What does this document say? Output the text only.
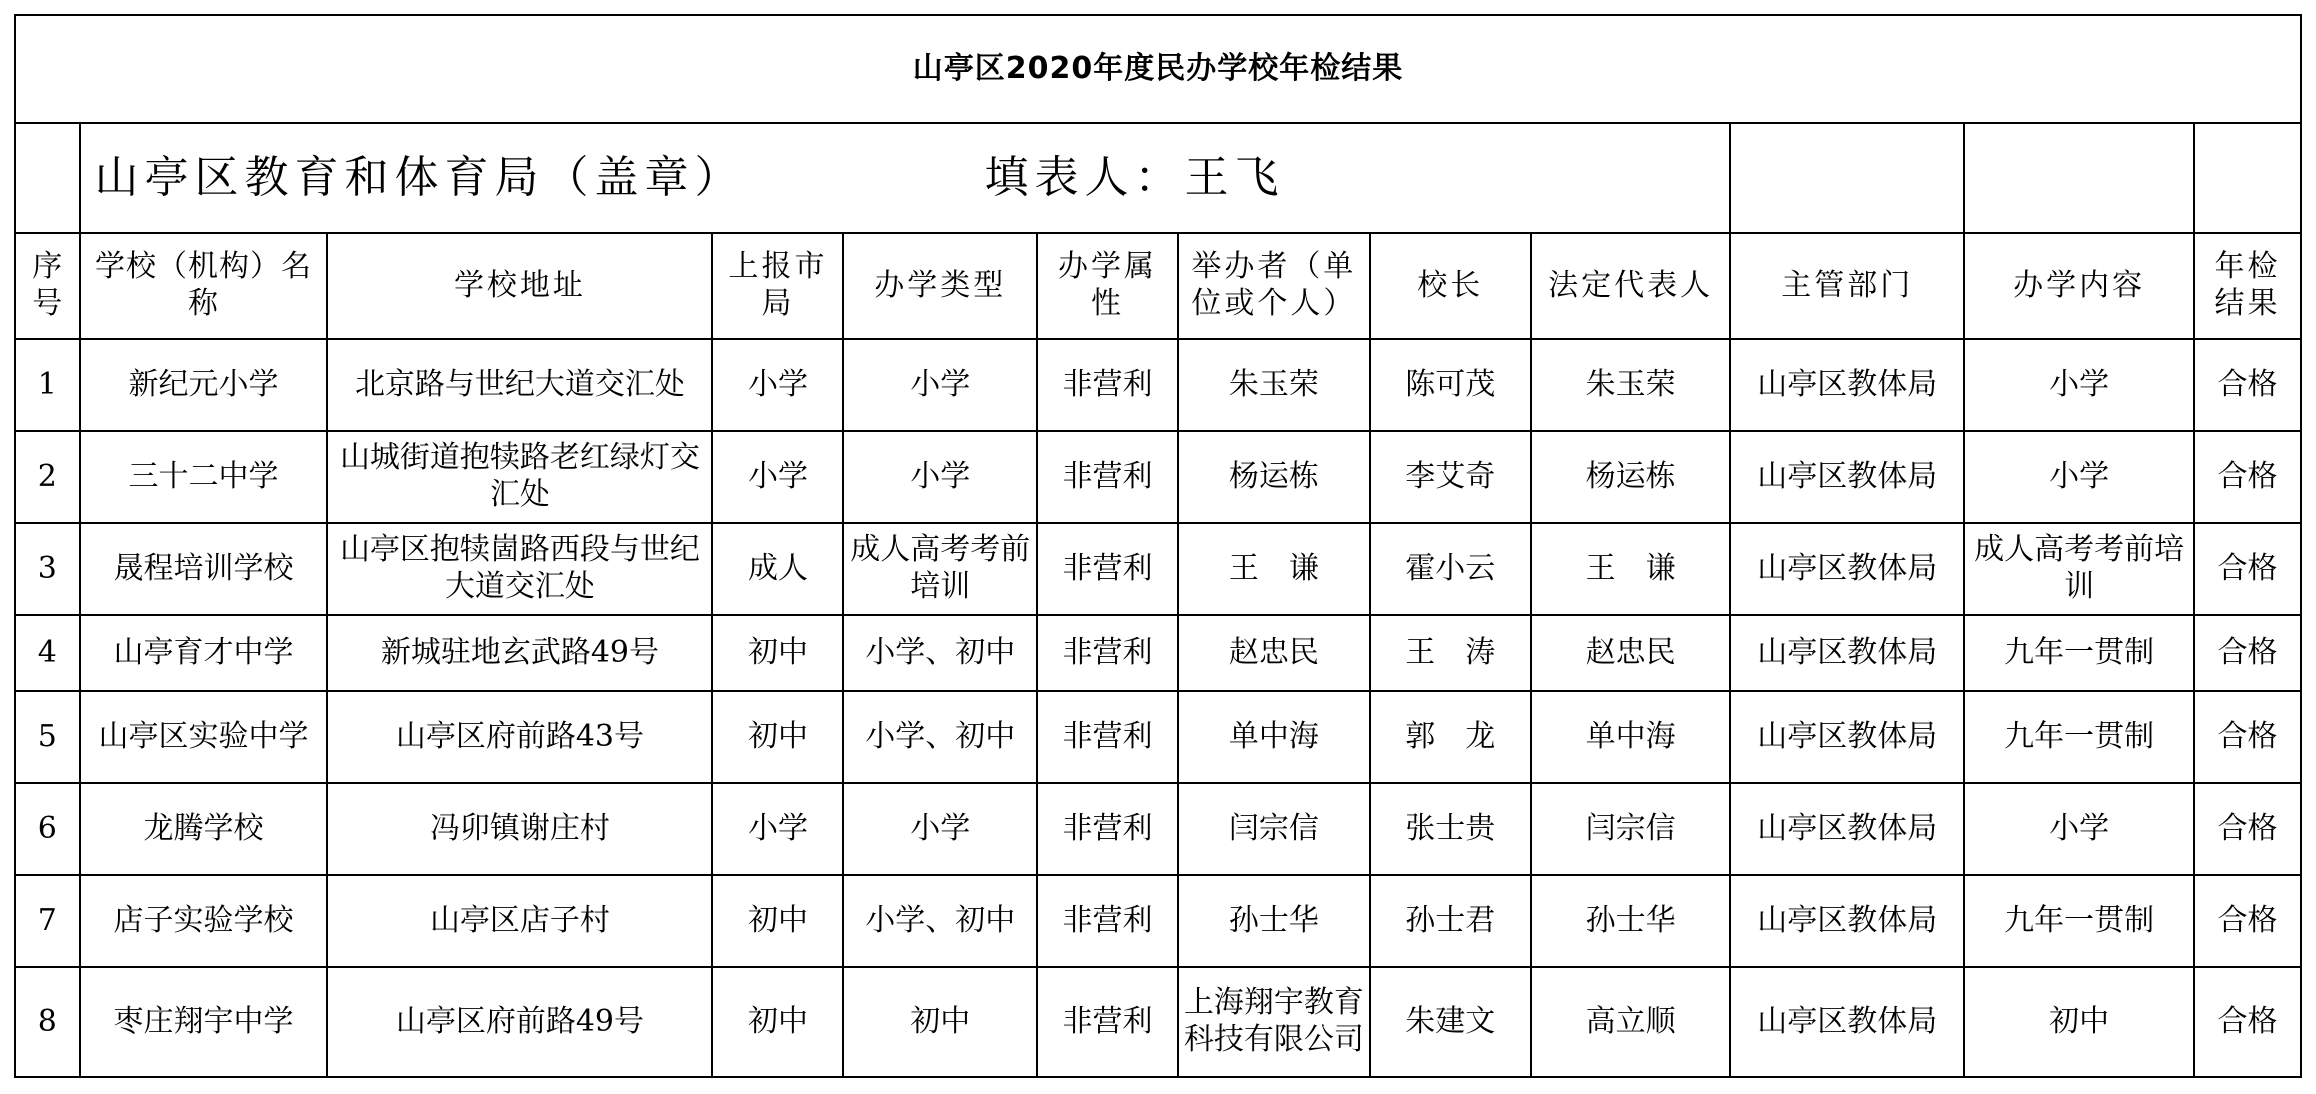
山亭区2020年度民办学校年检结果											
	山亭区教育和体育局（盖章） 填表人：王飞										
序号	学校（机构）名称	学校地址	上报市局	办学类型	办学属性	举办者（单位或个人）	校长	法定代表人	主管部门	办学内容	年检结果
1	新纪元小学	北京路与世纪大道交汇处	小学	小学	非营利	朱玉荣	陈可茂	朱玉荣	山亭区教体局	小学	合格
2	三十二中学	山城街道抱犊路老红绿灯交汇处	小学	小学	非营利	杨运栋	李艾奇	杨运栋	山亭区教体局	小学	合格
3	晟程培训学校	山亭区抱犊崮路西段与世纪大道交汇处	成人	成人高考考前培训	非营利	王　谦	霍小云	王　谦	山亭区教体局	成人高考考前培训	合格
4	山亭育才中学	新城驻地玄武路49号	初中	小学、初中	非营利	赵忠民	王　涛	赵忠民	山亭区教体局	九年一贯制	合格
5	山亭区实验中学	山亭区府前路43号	初中	小学、初中	非营利	单中海	郭　龙	单中海	山亭区教体局	九年一贯制	合格
6	龙腾学校	冯卯镇谢庄村	小学	小学	非营利	闫宗信	张士贵	闫宗信	山亭区教体局	小学	合格
7	店子实验学校	山亭区店子村	初中	小学、初中	非营利	孙士华	孙士君	孙士华	山亭区教体局	九年一贯制	合格
8	枣庄翔宇中学	山亭区府前路49号	初中	初中	非营利	上海翔宇教育科技有限公司	朱建文	高立顺	山亭区教体局	初中	合格
